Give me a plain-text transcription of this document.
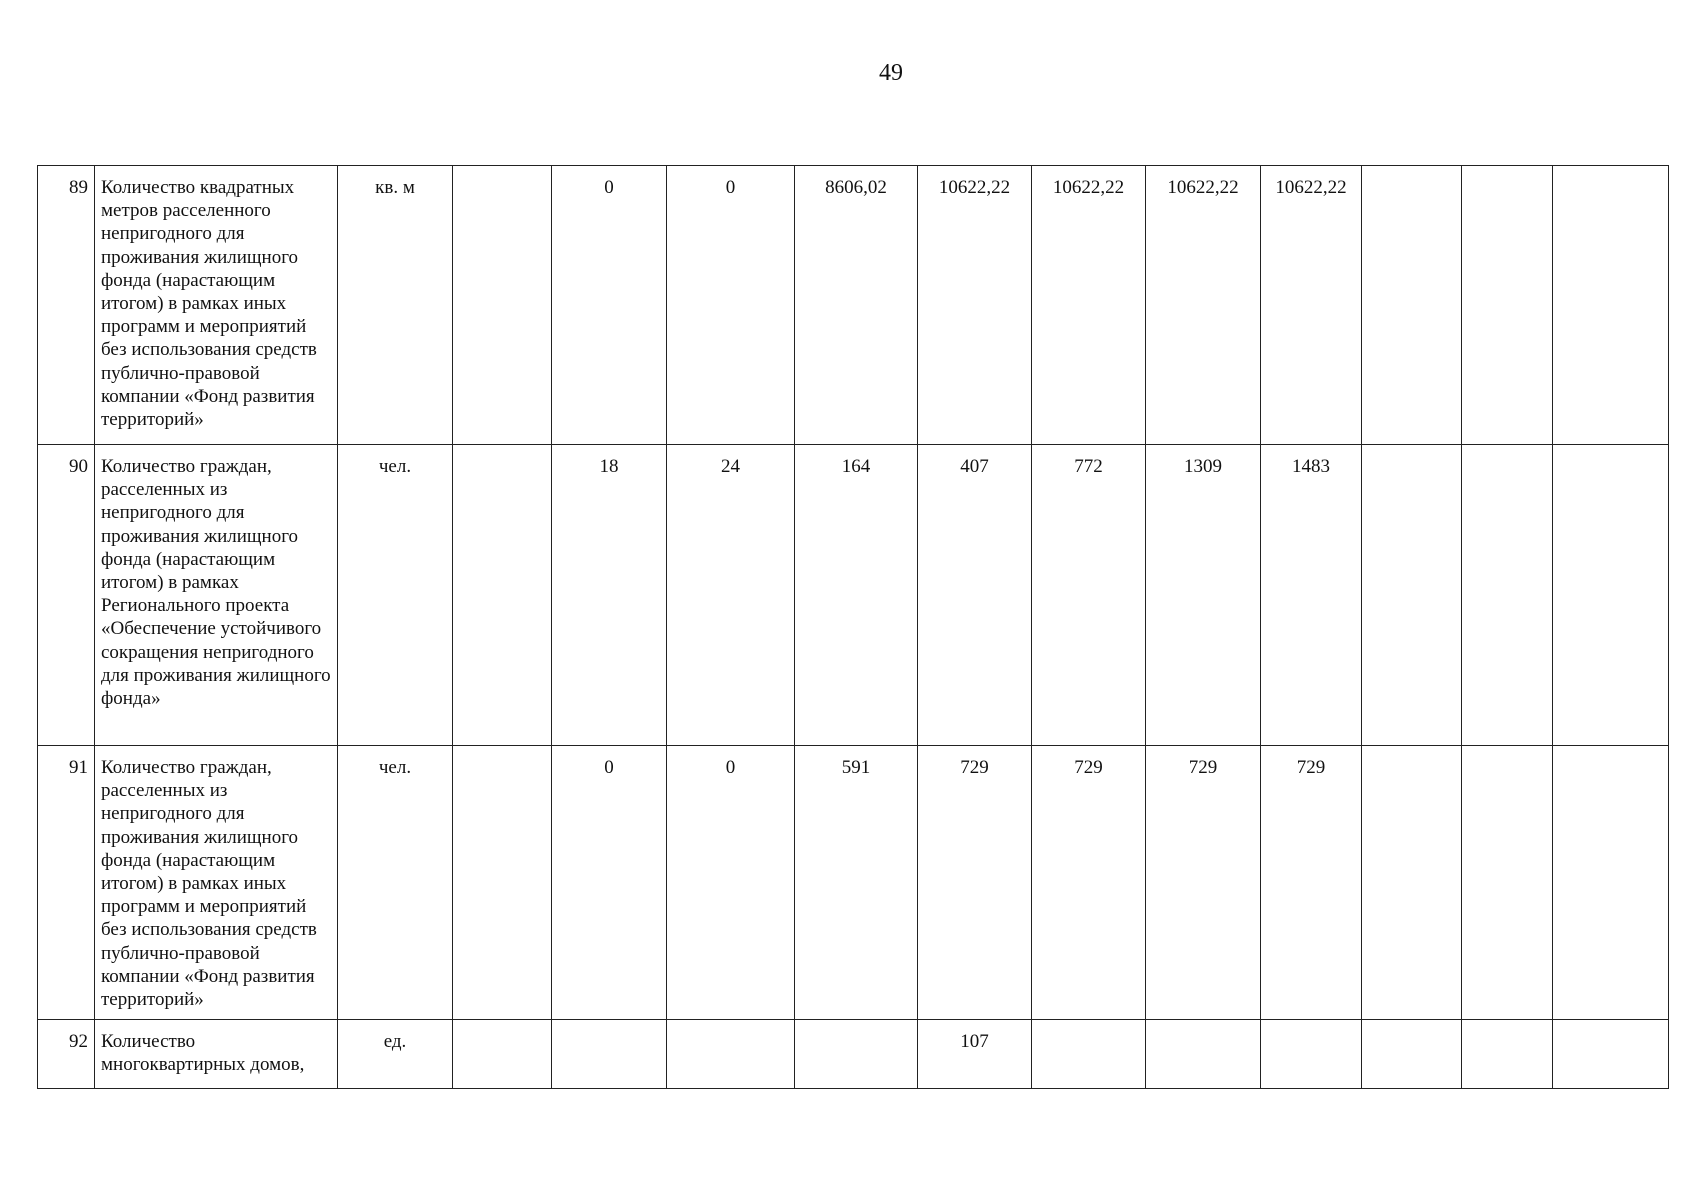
49
89	Количество квадратных метров расселенного непригодного для проживания жилищного фонда (нарастающим итогом) в рамках иных программ и мероприятий без использования средств публично-правовой компании «Фонд развития территорий»	кв. м		0	0	8606,02	10622,22	10622,22	10622,22	10622,22			
90	Количество граждан, расселенных из непригодного для проживания жилищного фонда (нарастающим итогом) в рамках Регионального проекта «Обеспечение устойчивого сокращения непригодного для проживания жилищного фонда»	чел.		18	24	164	407	772	1309	1483			
91	Количество граждан, расселенных из непригодного для проживания жилищного фонда (нарастающим итогом) в рамках иных программ и мероприятий без использования средств публично-правовой компании «Фонд развития территорий»	чел.		0	0	591	729	729	729	729			
92	Количество многоквартирных домов,	ед.					107						
